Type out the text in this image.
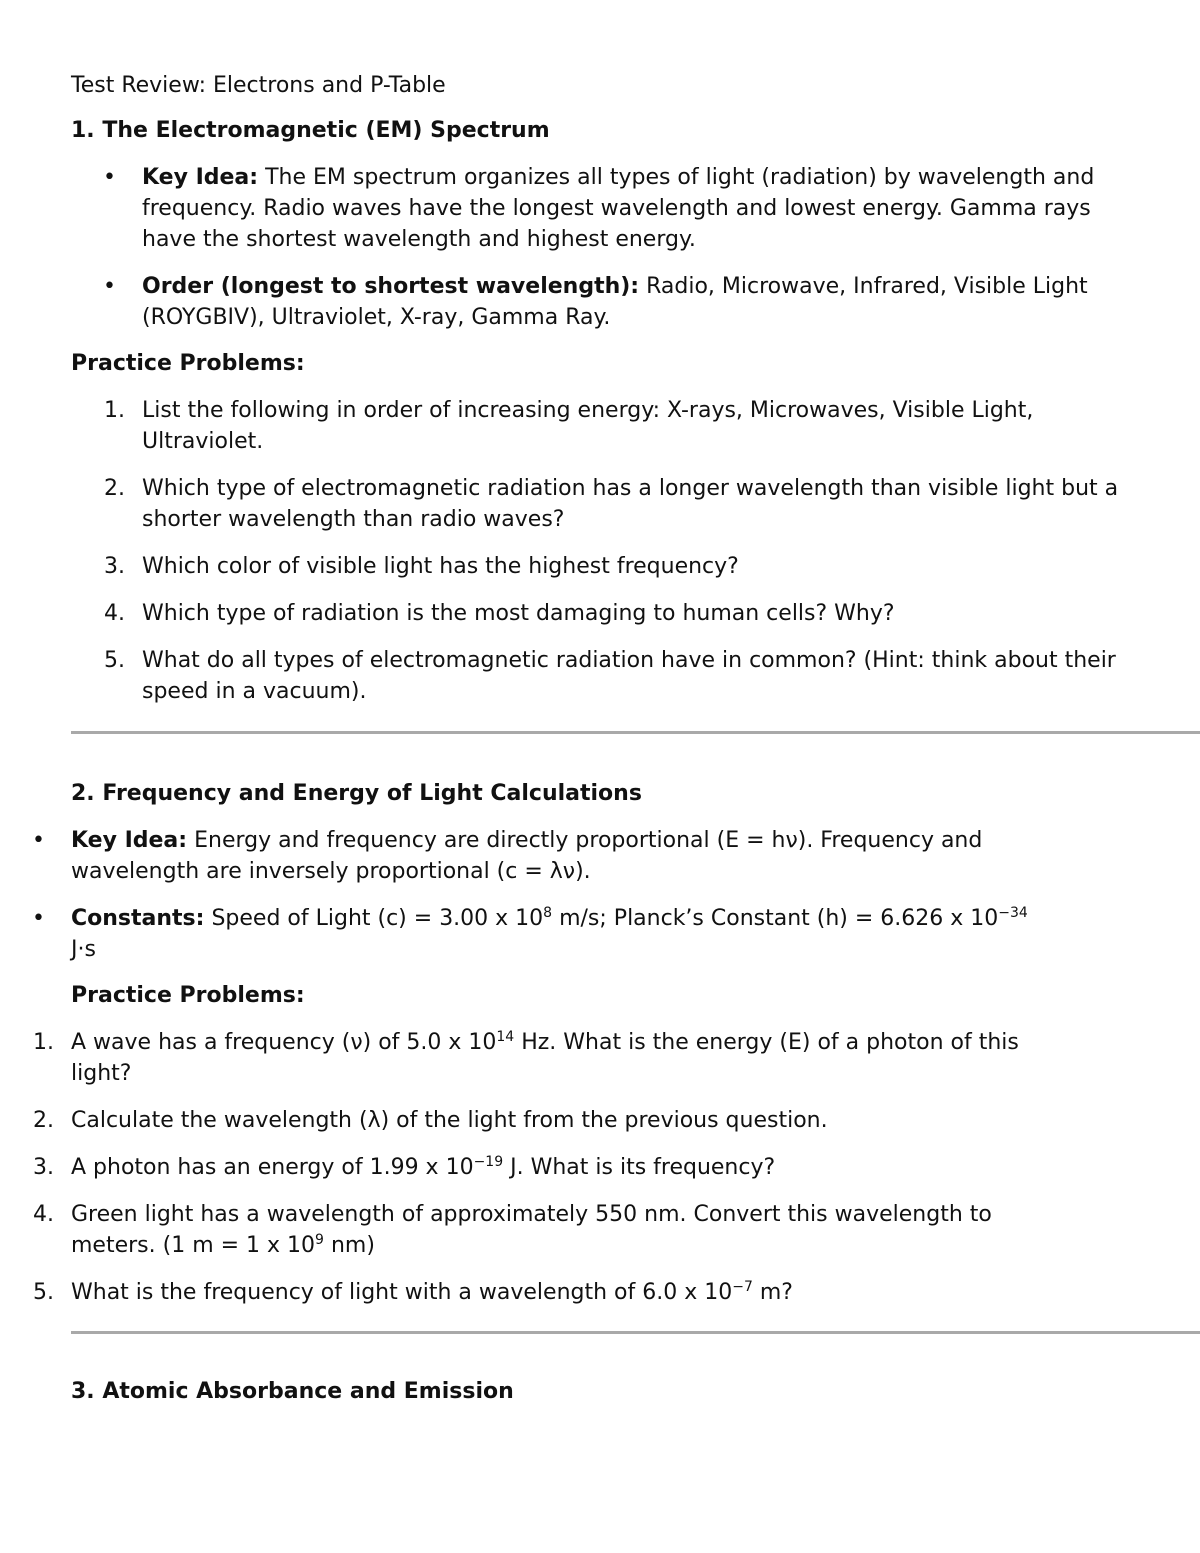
Test Review: Electrons and P-Table
1. The Electromagnetic (EM) Spectrum
• Key Idea: The EM spectrum organizes all types of light (radiation) by wavelength and frequency. Radio waves have the longest wavelength and lowest energy. Gamma rays have the shortest wavelength and highest energy.
• Order (longest to shortest wavelength): Radio, Microwave, Infrared, Visible Light (ROYGBIV), Ultraviolet, X-ray, Gamma Ray.
Practice Problems:
1. List the following in order of increasing energy: X-rays, Microwaves, Visible Light, Ultraviolet.
2. Which type of electromagnetic radiation has a longer wavelength than visible light but a shorter wavelength than radio waves?
3. Which color of visible light has the highest frequency?
4. Which type of radiation is the most damaging to human cells? Why?
5. What do all types of electromagnetic radiation have in common? (Hint: think about their speed in a vacuum).
2. Frequency and Energy of Light Calculations
• Key Idea: Energy and frequency are directly proportional (E = hν). Frequency and wavelength are inversely proportional (c = λν).
• Constants: Speed of Light (c) = 3.00 x $10^8$ m/s; Planck’s Constant (h) = 6.626 x $10^{-34}$ J·s
Practice Problems:
1. A wave has a frequency (ν) of 5.0 x $10^{14}$ Hz. What is the energy (E) of a photon of this light?
2. Calculate the wavelength (λ) of the light from the previous question.
3. A photon has an energy of 1.99 x $10^{-19}$ J. What is its frequency?
4. Green light has a wavelength of approximately 550 nm. Convert this wavelength to meters. (1 m = 1 x $10^9$ nm)
5. What is the frequency of light with a wavelength of 6.0 x $10^{-7}$ m?
3. Atomic Absorbance and Emission
